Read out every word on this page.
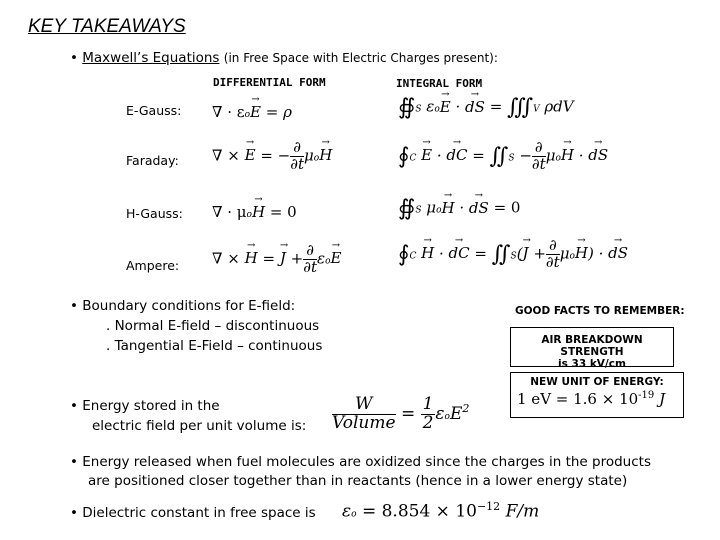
KEY TAKEAWAYS
• Maxwell’s Equations (in Free Space with Electric Charges present):
DIFFERENTIAL FORM	INTEGRAL FORM
E-Gauss:
Faraday:
H-Gauss:
Ampere:
∇ · εo→ E = ρ
∇ × → E = − $\frac{\partial}{\partial t} \mu o\to H$
∇ · μo→ H = 0
∇ × → H = → $J + \frac{\partial}{\partial t} \varepsilon o\to E$
∯S εo→ E · → dS = ∭V ρdV
∮C → E · → dC = ∬S − $\frac{\partial}{\partial t} \mu o\to H$ · → dS
∯S μo→ H · → dS = 0
∮C → H · → dC = ∬S(→ $J + \frac{\partial}{\partial t} \mu o\to H$) · → dS
• Boundary conditions for E-field:
. Normal E-field – discontinuous
. Tangential E-Field – continuous
GOOD FACTS TO REMEMBER:
AIR BREAKDOWN STRENGTH
is 33 kV/cm
NEW UNIT OF ENERGY:
1 eV = $1.6 \times 10^{-19}$ J
• Energy stored in the
electric field per unit volume is: $\frac{W}{\text{Volume}} = \frac{1}{2} \varepsilon oE^2$
• Energy released when fuel molecules are oxidized since the charges in the products
are positioned closer together than in reactants (hence in a lower energy state)
• Dielectric constant in free space is $\varepsilon o = 8.854 \times 10^{-12}$ F/m
